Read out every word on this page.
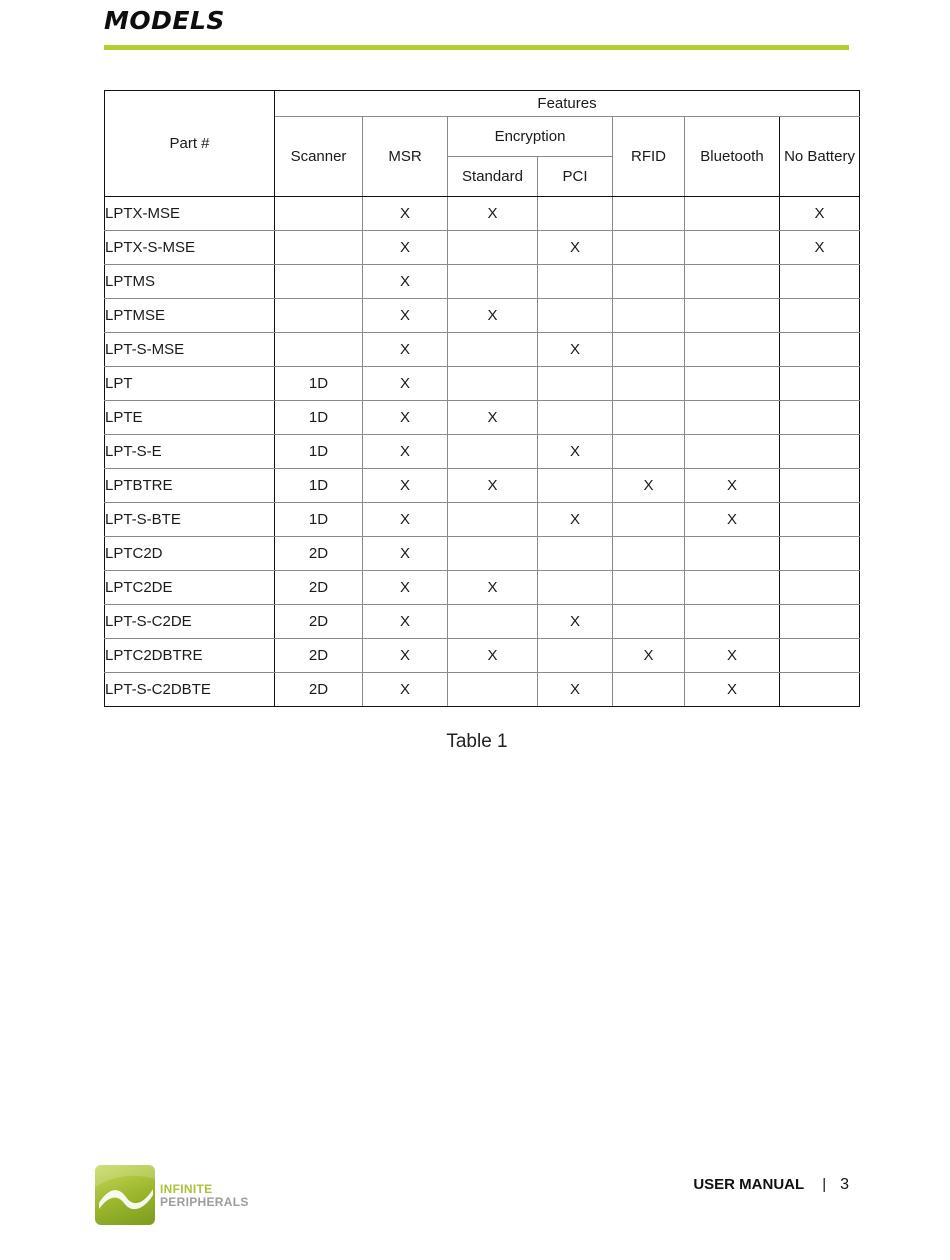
MODELS
Part #	Features						
	Scanner	MSR	Encryption		RFID	Bluetooth	No Battery
			Standard	PCI			
LPTX-MSE		X	X				X
LPTX-S-MSE		X		X			X
LPTMS		X					
LPTMSE		X	X				
LPT-S-MSE		X		X			
LPT	1D	X					
LPTE	1D	X	X				
LPT-S-E	1D	X		X			
LPTBTRE	1D	X	X		X	X	
LPT-S-BTE	1D	X		X		X	
LPTC2D	2D	X					
LPTC2DE	2D	X	X				
LPT-S-C2DE	2D	X		X			
LPTC2DBTRE	2D	X	X		X	X	
LPT-S-C2DBTE	2D	X		X		X	
Table 1
INFINITE
PERIPHERALS
USER MANUAL | 3
